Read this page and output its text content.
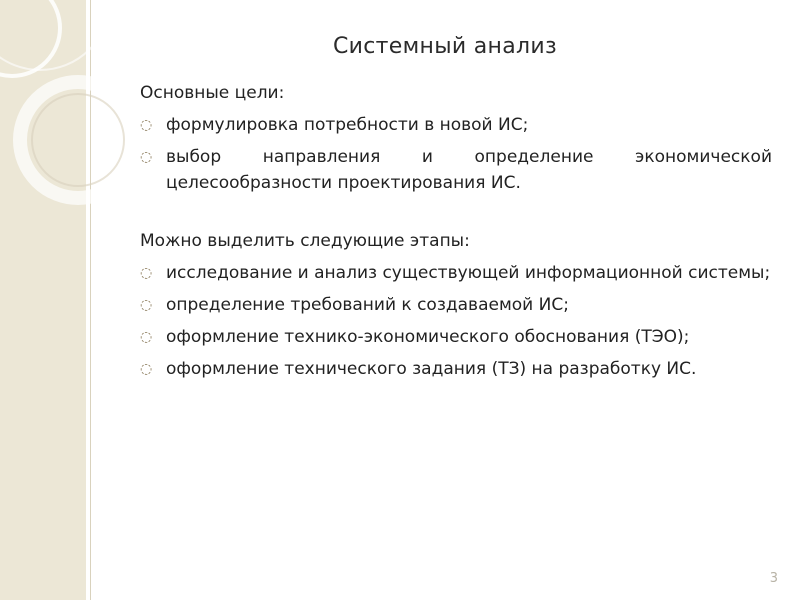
Системный анализ

Основные цели:

◌ формулировка потребности в новой ИС;

◌ выбор направления и определение экономической целесообразности проектирования ИС.

Можно выделить следующие этапы:

◌ исследование и анализ существующей информационной системы;

◌ определение требований к создаваемой ИС;

◌ оформление технико-экономического обоснования (ТЭО);

◌ оформление технического задания (ТЗ) на разработку ИС.

3
